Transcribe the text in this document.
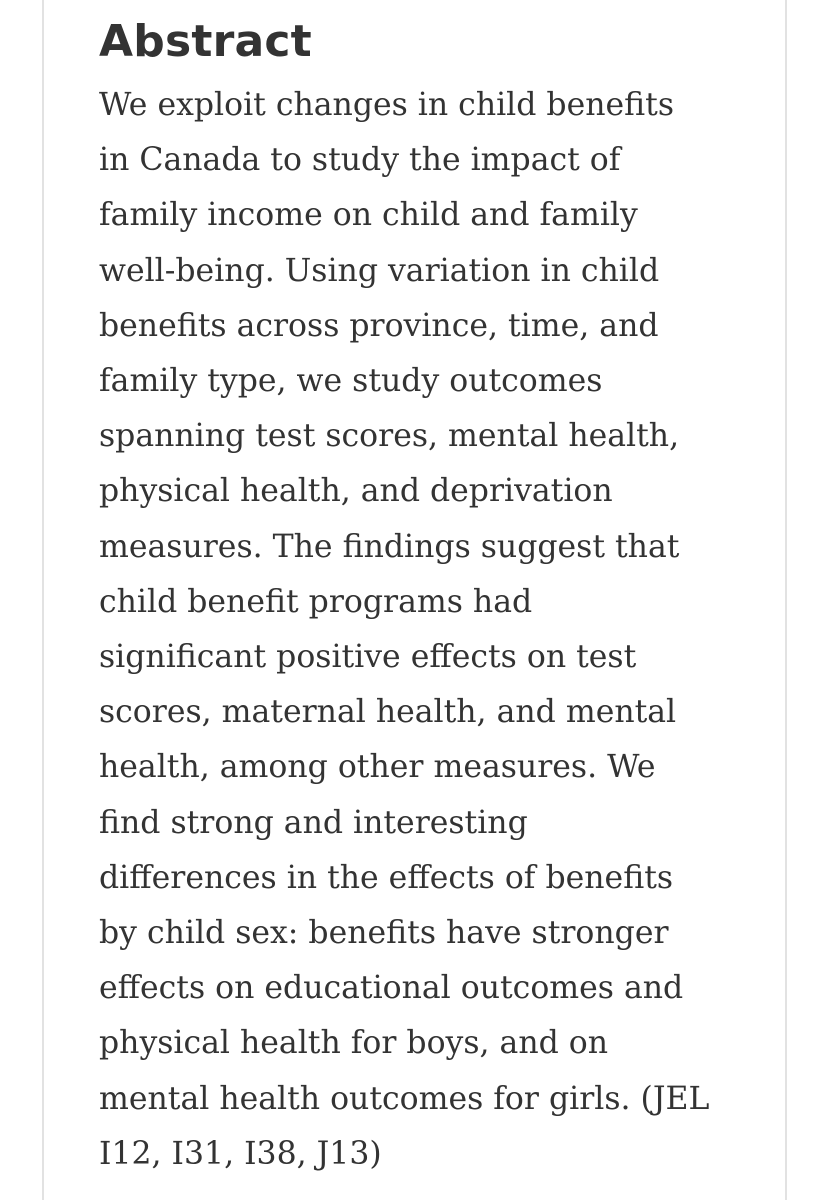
Abstract

We exploit changes in child benefits
in Canada to study the impact of
family income on child and family
well-being. Using variation in child
benefits across province, time, and
family type, we study outcomes
spanning test scores, mental health,
physical health, and deprivation
measures. The findings suggest that
child benefit programs had
significant positive effects on test
scores, maternal health, and mental
health, among other measures. We
find strong and interesting
differences in the effects of benefits
by child sex: benefits have stronger
effects on educational outcomes and
physical health for boys, and on
mental health outcomes for girls. (JEL
I12, I31, I38, J13)
